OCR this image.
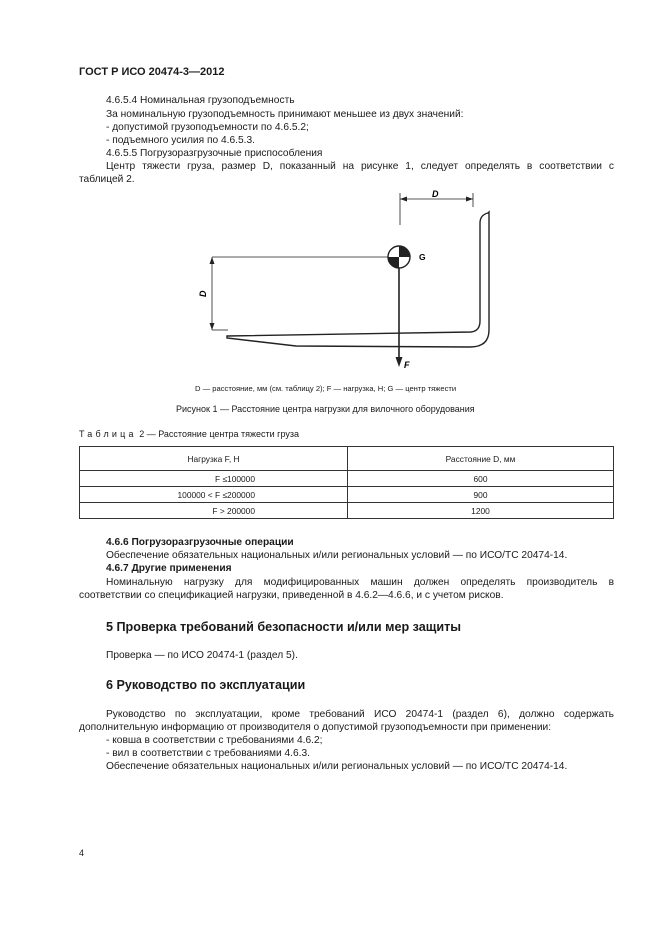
ГОСТ Р ИСО 20474-3—2012
4.6.5.4 Номинальная грузоподъемность
За номинальную грузоподъемность принимают меньшее из двух значений:
- допустимой грузоподъемности по 4.6.5.2;
- подъемного усилия по 4.6.5.3.
4.6.5.5 Погрузоразгрузочные приспособления
Центр тяжести груза, размер D, показанный на рисунке 1, следует определять в соответствии с
таблицей 2.
D
D
G
F
D — расстояние, мм (см. таблицу 2); F — нагрузка, Н; G — центр тяжести
Рисунок 1 — Расстояние центра нагрузки для вилочного оборудования
Таблица 2 — Расстояние центра тяжести груза
Нагрузка F, Н	Расстояние D, мм
F ≤100000	600
100000 < F ≤200000	900
F > 200000	1200
4.6.6 Погрузоразгрузочные операции
Обеспечение обязательных национальных и/или региональных условий — по ИСО/ТС 20474-14.
4.6.7 Другие применения
Номинальную нагрузку для модифицированных машин должен определять производитель в
соответствии со спецификацией нагрузки, приведенной в 4.6.2—4.6.6, и с учетом рисков.
5 Проверка требований безопасности и/или мер защиты
Проверка — по ИСО 20474-1 (раздел 5).
6 Руководство по эксплуатации
Руководство по эксплуатации, кроме требований ИСО 20474-1 (раздел 6), должно содержать
дополнительную информацию от производителя о допустимой грузоподъемности при применении:
- ковша в соответствии с требованиями 4.6.2;
- вил в соответствии с требованиями 4.6.3.
Обеспечение обязательных национальных и/или региональных условий — по ИСО/ТС 20474-14.
4
